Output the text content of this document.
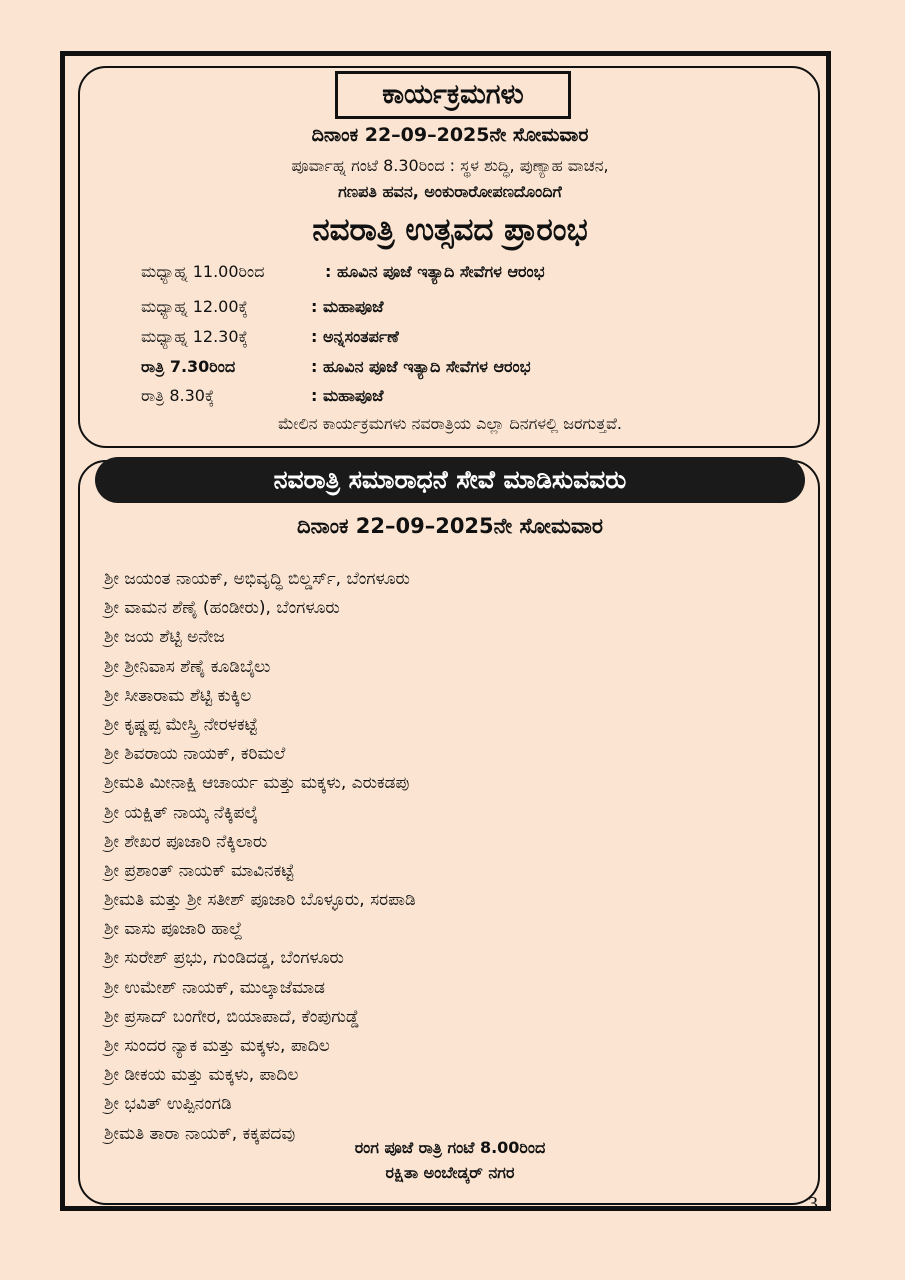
ಕಾರ್ಯಕ್ರಮಗಳು
ದಿನಾಂಕ 22–09–2025ನೇ ಸೋಮವಾರ
ಪೂರ್ವಾಹ್ನ ಗಂಟೆ 8.30ರಿಂದ : ಸ್ಥಳ ಶುದ್ಧಿ, ಪುಣ್ಯಾಹ ವಾಚನ,
ಗಣಪತಿ ಹವನ, ಅಂಕುರಾರೋಪಣದೊಂದಿಗೆ
ನವರಾತ್ರಿ ಉತ್ಸವದ ಪ್ರಾರಂಭ
ಮಧ್ಯಾಹ್ನ 11.00ರಿಂದ	: ಹೂವಿನ ಪೂಜೆ ಇತ್ಯಾದಿ ಸೇವೆಗಳ ಆರಂಭ
ಮಧ್ಯಾಹ್ನ 12.00ಕ್ಕೆ	: ಮಹಾಪೂಜೆ
ಮಧ್ಯಾಹ್ನ 12.30ಕ್ಕೆ	: ಅನ್ನಸಂತರ್ಪಣೆ
ರಾತ್ರಿ 7.30ರಿಂದ	: ಹೂವಿನ ಪೂಜೆ ಇತ್ಯಾದಿ ಸೇವೆಗಳ ಆರಂಭ
ರಾತ್ರಿ 8.30ಕ್ಕೆ	: ಮಹಾಪೂಜೆ
ಮೇಲಿನ ಕಾರ್ಯಕ್ರಮಗಳು ನವರಾತ್ರಿಯ ಎಲ್ಲಾ ದಿನಗಳಲ್ಲಿ ಜರಗುತ್ತವೆ.
ನವರಾತ್ರಿ ಸಮಾರಾಧನೆ ಸೇವೆ ಮಾಡಿಸುವವರು
ದಿನಾಂಕ 22–09–2025ನೇ ಸೋಮವಾರ
ಶ್ರೀ ಜಯಂತ ನಾಯಕ್, ಅಭಿವೃದ್ಧಿ ಬಿಲ್ಡರ್ಸ್, ಬೆಂಗಳೂರು
ಶ್ರೀ ವಾಮನ ಶೆಣೈ (ಹಂಡೀರು), ಬೆಂಗಳೂರು
ಶ್ರೀ ಜಯ ಶೆಟ್ಟಿ ಅನೇಜ
ಶ್ರೀ ಶ್ರೀನಿವಾಸ ಶೆಣೈ ಕೂಡಿಬೈಲು
ಶ್ರೀ ಸೀತಾರಾಮ ಶೆಟ್ಟಿ ಕುಕ್ಕಿಲ
ಶ್ರೀ ಕೃಷ್ಣಪ್ಪ ಮೇಸ್ತ್ರಿ ನೇರಳಕಟ್ಟೆ
ಶ್ರೀ ಶಿವರಾಯ ನಾಯಕ್, ಕರಿಮಲೆ
ಶ್ರೀಮತಿ ಮೀನಾಕ್ಷಿ ಆಚಾರ್ಯ ಮತ್ತು ಮಕ್ಕಳು, ಎರುಕಡಪು
ಶ್ರೀ ಯಕ್ಷಿತ್ ನಾಯ್ಕ ನೆಕ್ಕಿಪಲ್ಕೆ
ಶ್ರೀ ಶೇಖರ ಪೂಜಾರಿ ನೆಕ್ಕಿಲಾರು
ಶ್ರೀ ಪ್ರಶಾಂತ್ ನಾಯಕ್ ಮಾವಿನಕಟ್ಟೆ
ಶ್ರೀಮತಿ ಮತ್ತು ಶ್ರೀ ಸತೀಶ್ ಪೂಜಾರಿ ಬೊಳ್ಳೂರು, ಸರಪಾಡಿ
ಶ್ರೀ ವಾಸು ಪೂಜಾರಿ ಹಾಲ್ದೆ
ಶ್ರೀ ಸುರೇಶ್ ಪ್ರಭು, ಗುಂಡಿದಡ್ಡ, ಬೆಂಗಳೂರು
ಶ್ರೀ ಉಮೇಶ್ ನಾಯಕ್, ಮುಲ್ಕಾಜೆಮಾಡ
ಶ್ರೀ ಪ್ರಸಾದ್ ಬಂಗೇರ, ಬಿಯಾಪಾದೆ, ಕೆಂಪುಗುಡ್ಡೆ
ಶ್ರೀ ಸುಂದರ ನ್ಯಾಕ ಮತ್ತು ಮಕ್ಕಳು, ಪಾದಿಲ
ಶ್ರೀ ಡೀಕಯ ಮತ್ತು ಮಕ್ಕಳು, ಪಾದಿಲ
ಶ್ರೀ ಭವಿತ್ ಉಪ್ಪಿನಂಗಡಿ
ಶ್ರೀಮತಿ ತಾರಾ ನಾಯಕ್, ಕಕ್ಕಪದವು
ರಂಗ ಪೂಜೆ ರಾತ್ರಿ ಗಂಟೆ 8.00ರಿಂದ
ರಕ್ಷಿತಾ ಅಂಬೇಡ್ಕರ್ ನಗರ
3
